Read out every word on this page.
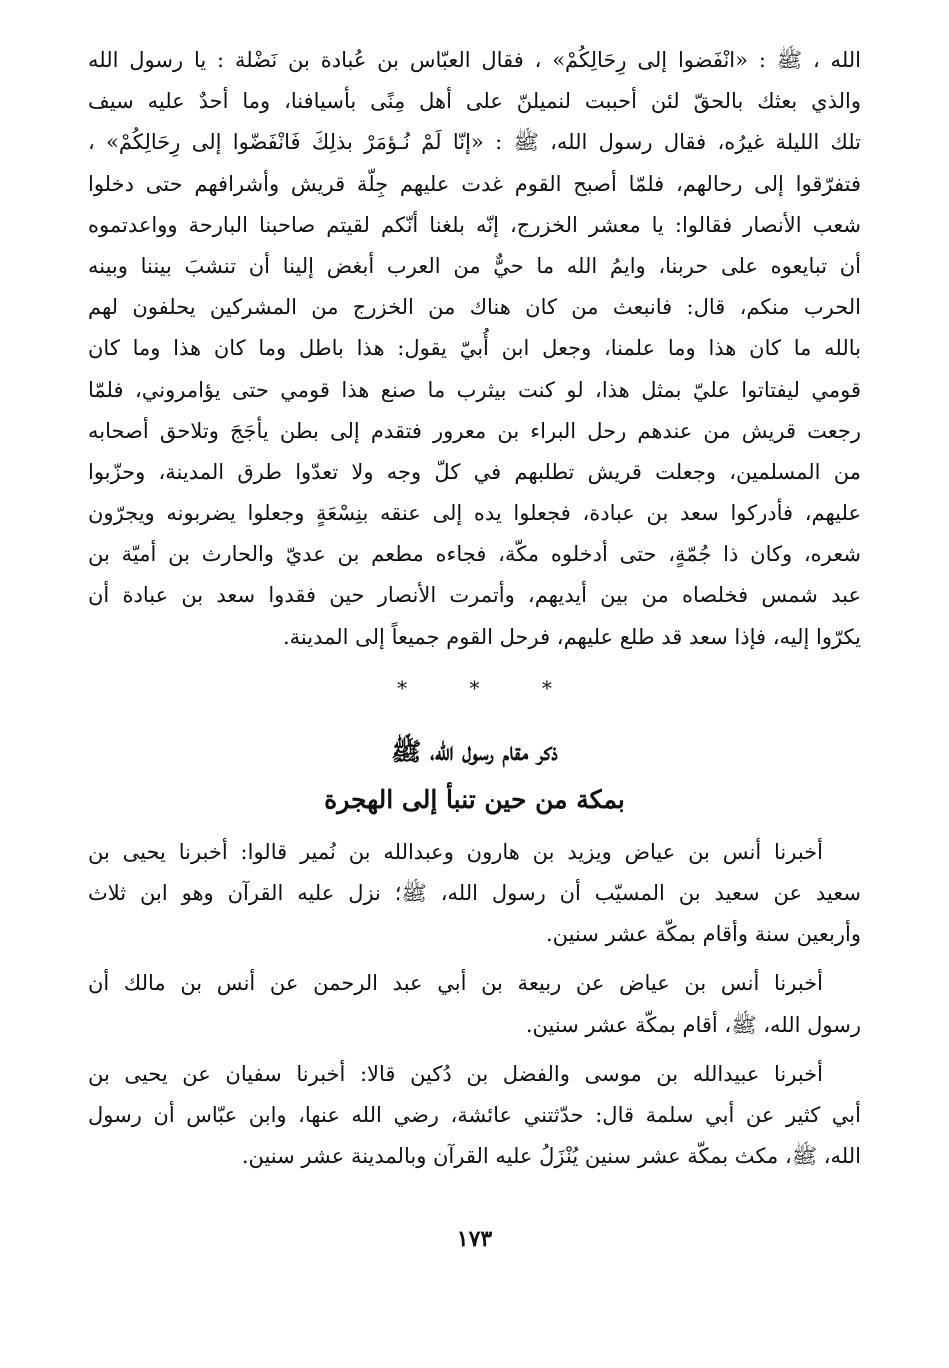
الله ، ﷺ : «انْفَضوا إلى رِحَالِكُمْ» ، فقال العبّاس بن عُبادة بن نَضْلة : يا رسول الله
والذي بعثك بالحقّ لئن أحببت لنميلنّ على أهل مِنًى بأسيافنا، وما أحدٌ عليه سيف
تلك الليلة غيرُه، فقال رسول الله، ﷺ : «إنّا لَمْ نُـؤمَرْ بذلِكَ فَانْفَضّوا إلى رِحَالِكُمْ» ،
فتفرّقوا إلى رحالهم، فلمّا أصبح القوم غدت عليهم جِلّة قريش وأشرافهم حتى دخلوا
شعب الأنصار فقالوا: يا معشر الخزرج، إنّه بلغنا أنّكم لقيتم صاحبنا البارحة وواعدتموه
أن تبايعوه على حربنا، وايمُ الله ما حيٌّ من العرب أبغض إلينا أن تنشبَ بيننا وبينه
الحرب منكم، قال: فانبعث من كان هناك من الخزرج من المشركين يحلفون لهم
بالله ما كان هذا وما علمنا، وجعل ابن أُبيّ يقول: هذا باطل وما كان هذا وما كان
قومي ليفتاتوا عليّ بمثل هذا، لو كنت بيثرب ما صنع هذا قومي حتى يؤامروني، فلمّا
رجعت قريش من عندهم رحل البراء بن معرور فتقدم إلى بطن يأجَجَ وتلاحق أصحابه
من المسلمين، وجعلت قريش تطلبهم في كلّ وجه ولا تعدّوا طرق المدينة، وحزّبوا
عليهم، فأدركوا سعد بن عبادة، فجعلوا يده إلى عنقه بنِسْعَةٍ وجعلوا يضربونه ويجرّون
شعره، وكان ذا جُمّةٍ، حتى أدخلوه مكّة، فجاءه مطعم بن عديّ والحارث بن أميّة بن
عبد شمس فخلصاه من بين أيديهم، وأتمرت الأنصار حين فقدوا سعد بن عبادة أن
يكرّوا إليه، فإذا سعد قد طلع عليهم، فرحل القوم جميعاً إلى المدينة.
*	*	*
ذكر مقام رسول الله، ﷺ
بمكة من حين تنبأ إلى الهجرة
أخبرنا أنس بن عياض ويزيد بن هارون وعبدالله بن نُمير قالوا: أخبرنا يحيى بن
سعيد عن سعيد بن المسيّب أن رسول الله، ﷺ؛ نزل عليه القرآن وهو ابن ثلاث
وأربعين سنة وأقام بمكّة عشر سنين.
أخبرنا أنس بن عياض عن ربيعة بن أبي عبد الرحمن عن أنس بن مالك أن
رسول الله، ﷺ، أقام بمكّة عشر سنين.
أخبرنا عبيدالله بن موسى والفضل بن دُكين قالا: أخبرنا سفيان عن يحيى بن
أبي كثير عن أبي سلمة قال: حدّثتني عائشة، رضي الله عنها، وابن عبّاس أن رسول
الله، ﷺ، مكث بمكّة عشر سنين يُنْزَلُ عليه القرآن وبالمدينة عشر سنين.
١٧٣
